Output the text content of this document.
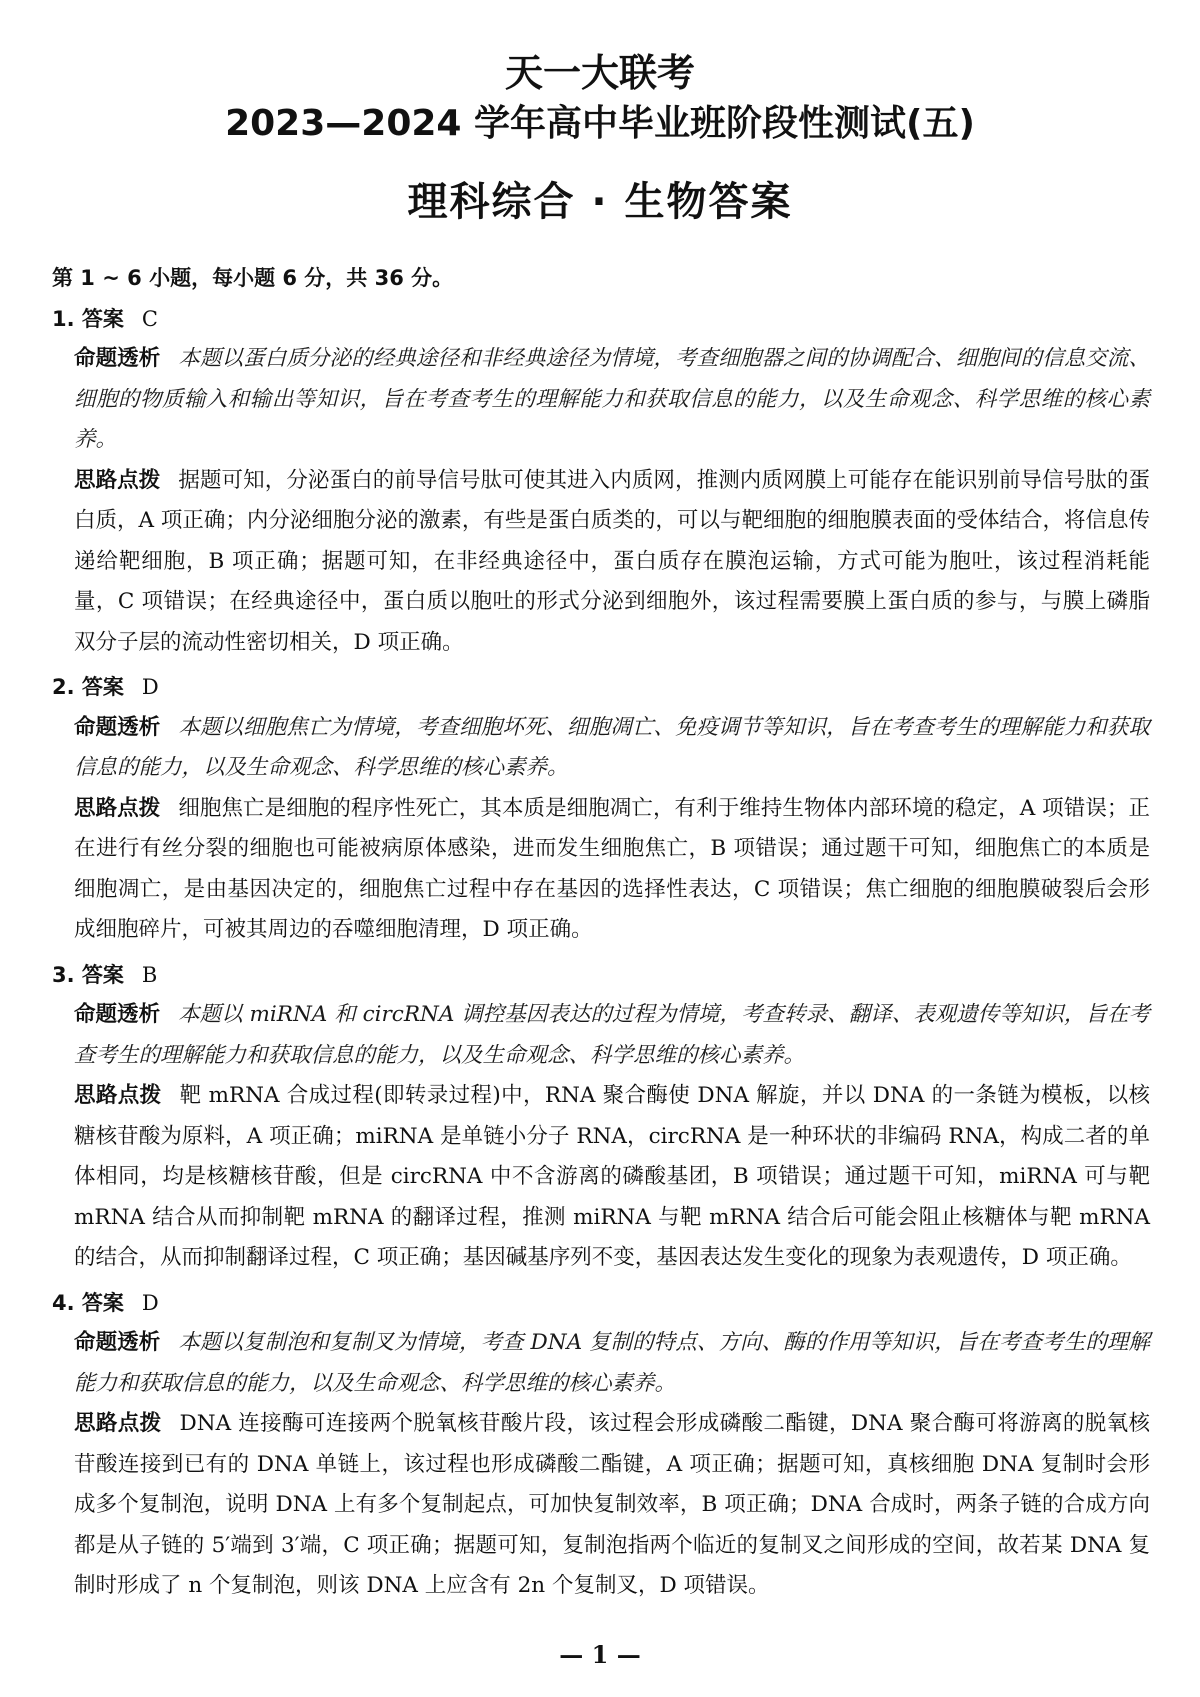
天一大联考
2023—2024 学年高中毕业班阶段性测试(五)
理科综合 · 生物答案
第 1 ~ 6 小题，每小题 6 分，共 36 分。
1. 答案 C
命题透析 本题以蛋白质分泌的经典途径和非经典途径为情境，考查细胞器之间的协调配合、细胞间的信息交流、细胞的物质输入和输出等知识，旨在考查考生的理解能力和获取信息的能力，以及生命观念、科学思维的核心素养。
思路点拨 据题可知，分泌蛋白的前导信号肽可使其进入内质网，推测内质网膜上可能存在能识别前导信号肽的蛋白质，A 项正确；内分泌细胞分泌的激素，有些是蛋白质类的，可以与靶细胞的细胞膜表面的受体结合，将信息传递给靶细胞，B 项正确；据题可知，在非经典途径中，蛋白质存在膜泡运输，方式可能为胞吐，该过程消耗能量，C 项错误；在经典途径中，蛋白质以胞吐的形式分泌到细胞外，该过程需要膜上蛋白质的参与，与膜上磷脂双分子层的流动性密切相关，D 项正确。
2. 答案 D
命题透析 本题以细胞焦亡为情境，考查细胞坏死、细胞凋亡、免疫调节等知识，旨在考查考生的理解能力和获取信息的能力，以及生命观念、科学思维的核心素养。
思路点拨 细胞焦亡是细胞的程序性死亡，其本质是细胞凋亡，有利于维持生物体内部环境的稳定，A 项错误；正在进行有丝分裂的细胞也可能被病原体感染，进而发生细胞焦亡，B 项错误；通过题干可知，细胞焦亡的本质是细胞凋亡，是由基因决定的，细胞焦亡过程中存在基因的选择性表达，C 项错误；焦亡细胞的细胞膜破裂后会形成细胞碎片，可被其周边的吞噬细胞清理，D 项正确。
3. 答案 B
命题透析 本题以 miRNA 和 circRNA 调控基因表达的过程为情境，考查转录、翻译、表观遗传等知识，旨在考查考生的理解能力和获取信息的能力，以及生命观念、科学思维的核心素养。
思路点拨 靶 mRNA 合成过程(即转录过程)中，RNA 聚合酶使 DNA 解旋，并以 DNA 的一条链为模板，以核糖核苷酸为原料，A 项正确；miRNA 是单链小分子 RNA，circRNA 是一种环状的非编码 RNA，构成二者的单体相同，均是核糖核苷酸，但是 circRNA 中不含游离的磷酸基团，B 项错误；通过题干可知，miRNA 可与靶 mRNA 结合从而抑制靶 mRNA 的翻译过程，推测 miRNA 与靶 mRNA 结合后可能会阻止核糖体与靶 mRNA 的结合，从而抑制翻译过程，C 项正确；基因碱基序列不变，基因表达发生变化的现象为表观遗传，D 项正确。
4. 答案 D
命题透析 本题以复制泡和复制叉为情境，考查 DNA 复制的特点、方向、酶的作用等知识，旨在考查考生的理解能力和获取信息的能力，以及生命观念、科学思维的核心素养。
思路点拨 DNA 连接酶可连接两个脱氧核苷酸片段，该过程会形成磷酸二酯键，DNA 聚合酶可将游离的脱氧核苷酸连接到已有的 DNA 单链上，该过程也形成磷酸二酯键，A 项正确；据题可知，真核细胞 DNA 复制时会形成多个复制泡，说明 DNA 上有多个复制起点，可加快复制效率，B 项正确；DNA 合成时，两条子链的合成方向都是从子链的 5′端到 3′端，C 项正确；据题可知，复制泡指两个临近的复制叉之间形成的空间，故若某 DNA 复制时形成了 n 个复制泡，则该 DNA 上应含有 2n 个复制叉，D 项错误。
— 1 —
